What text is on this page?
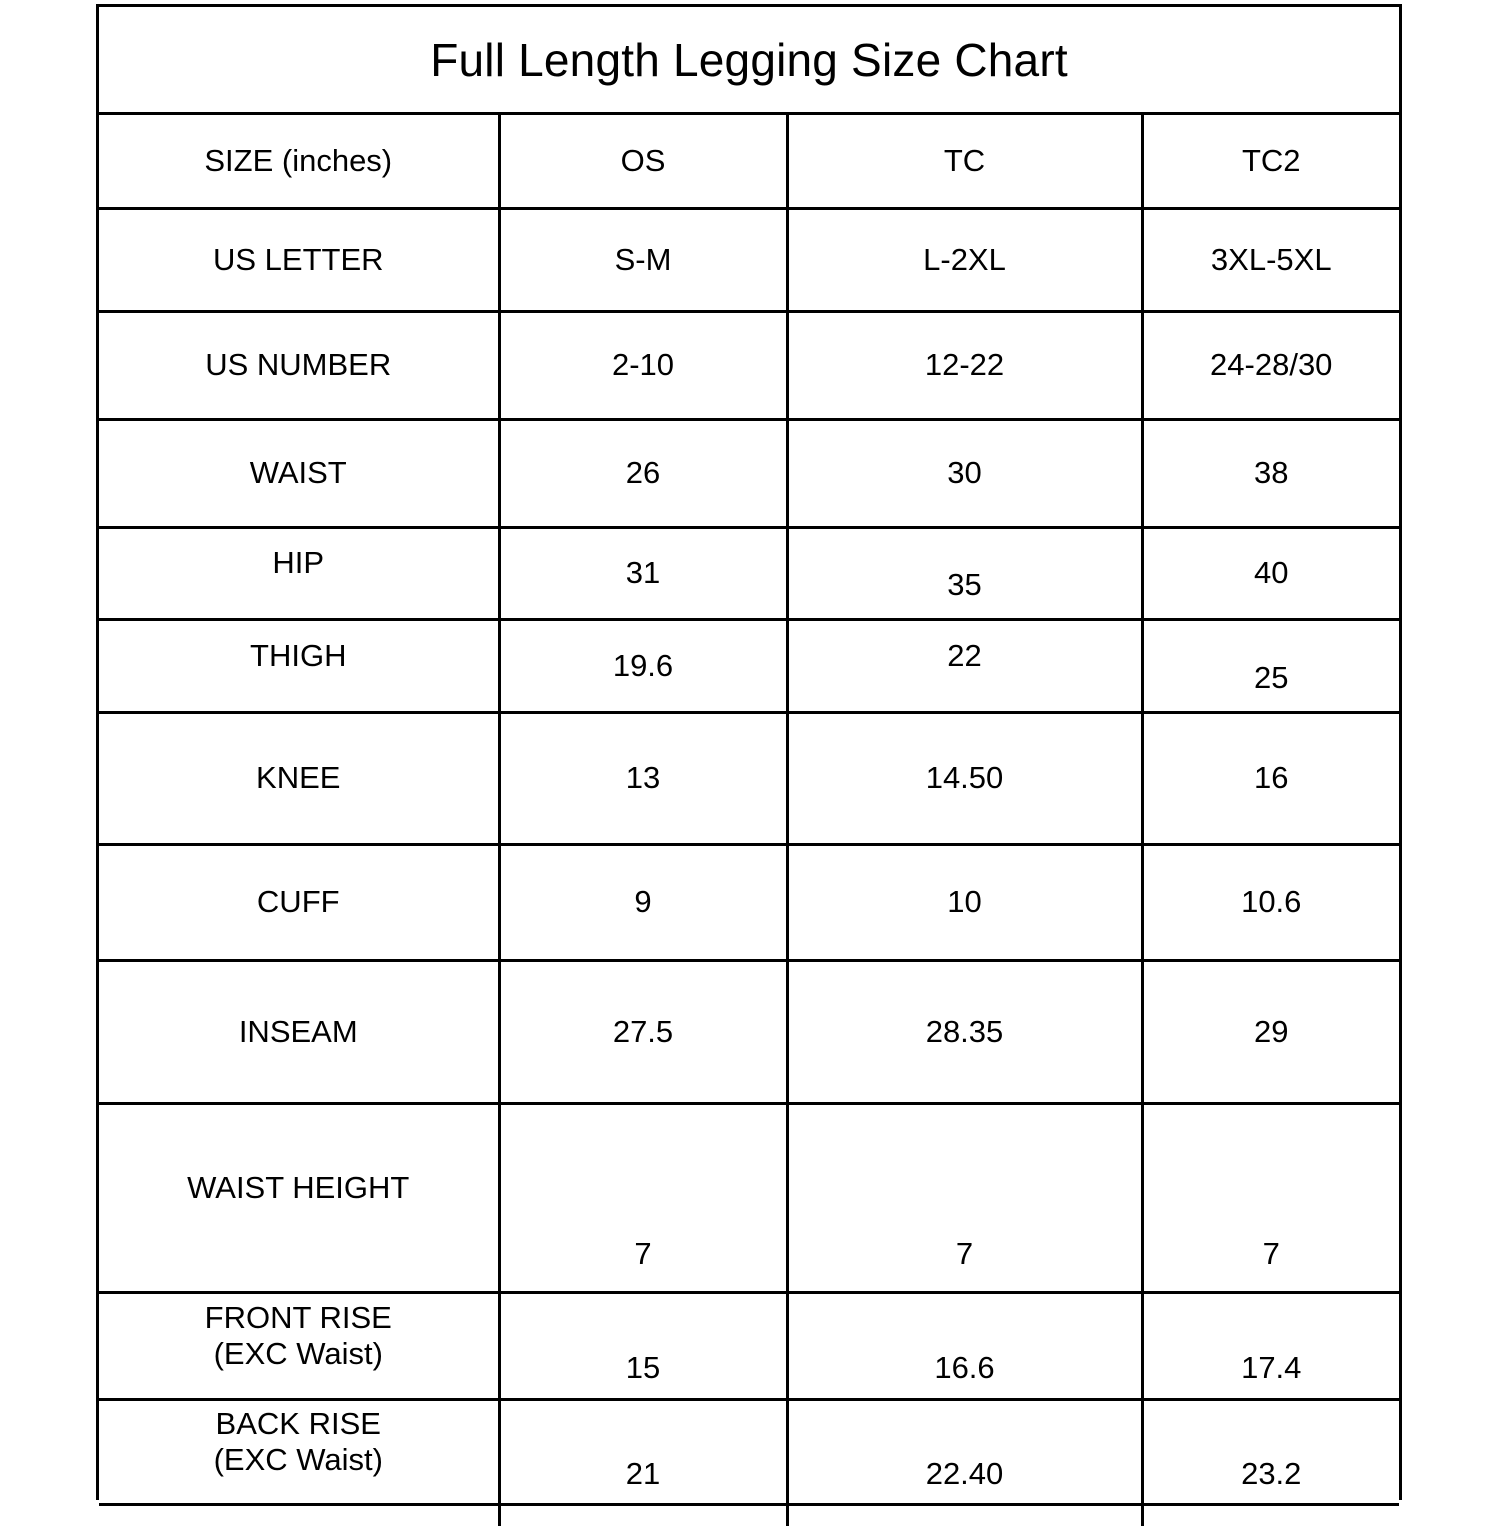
Full Length Legging Size Chart
SIZE (inches)	OS	TC	TC2
US LETTER	S-M	L-2XL	3XL-5XL
US NUMBER	2-10	12-22	24-28/30
WAIST	26	30	38

HIP	31	35	40

THIGH	19.6	22	25

KNEE	13	14.50	16
CUFF	9	10	10.6
INSEAM	27.5	28.35	29

WAIST HEIGHT	7	7	7

FRONT RISE
(EXC Waist)	15	16.6	17.4

BACK RISE
(EXC Waist)	21	22.40	23.2
